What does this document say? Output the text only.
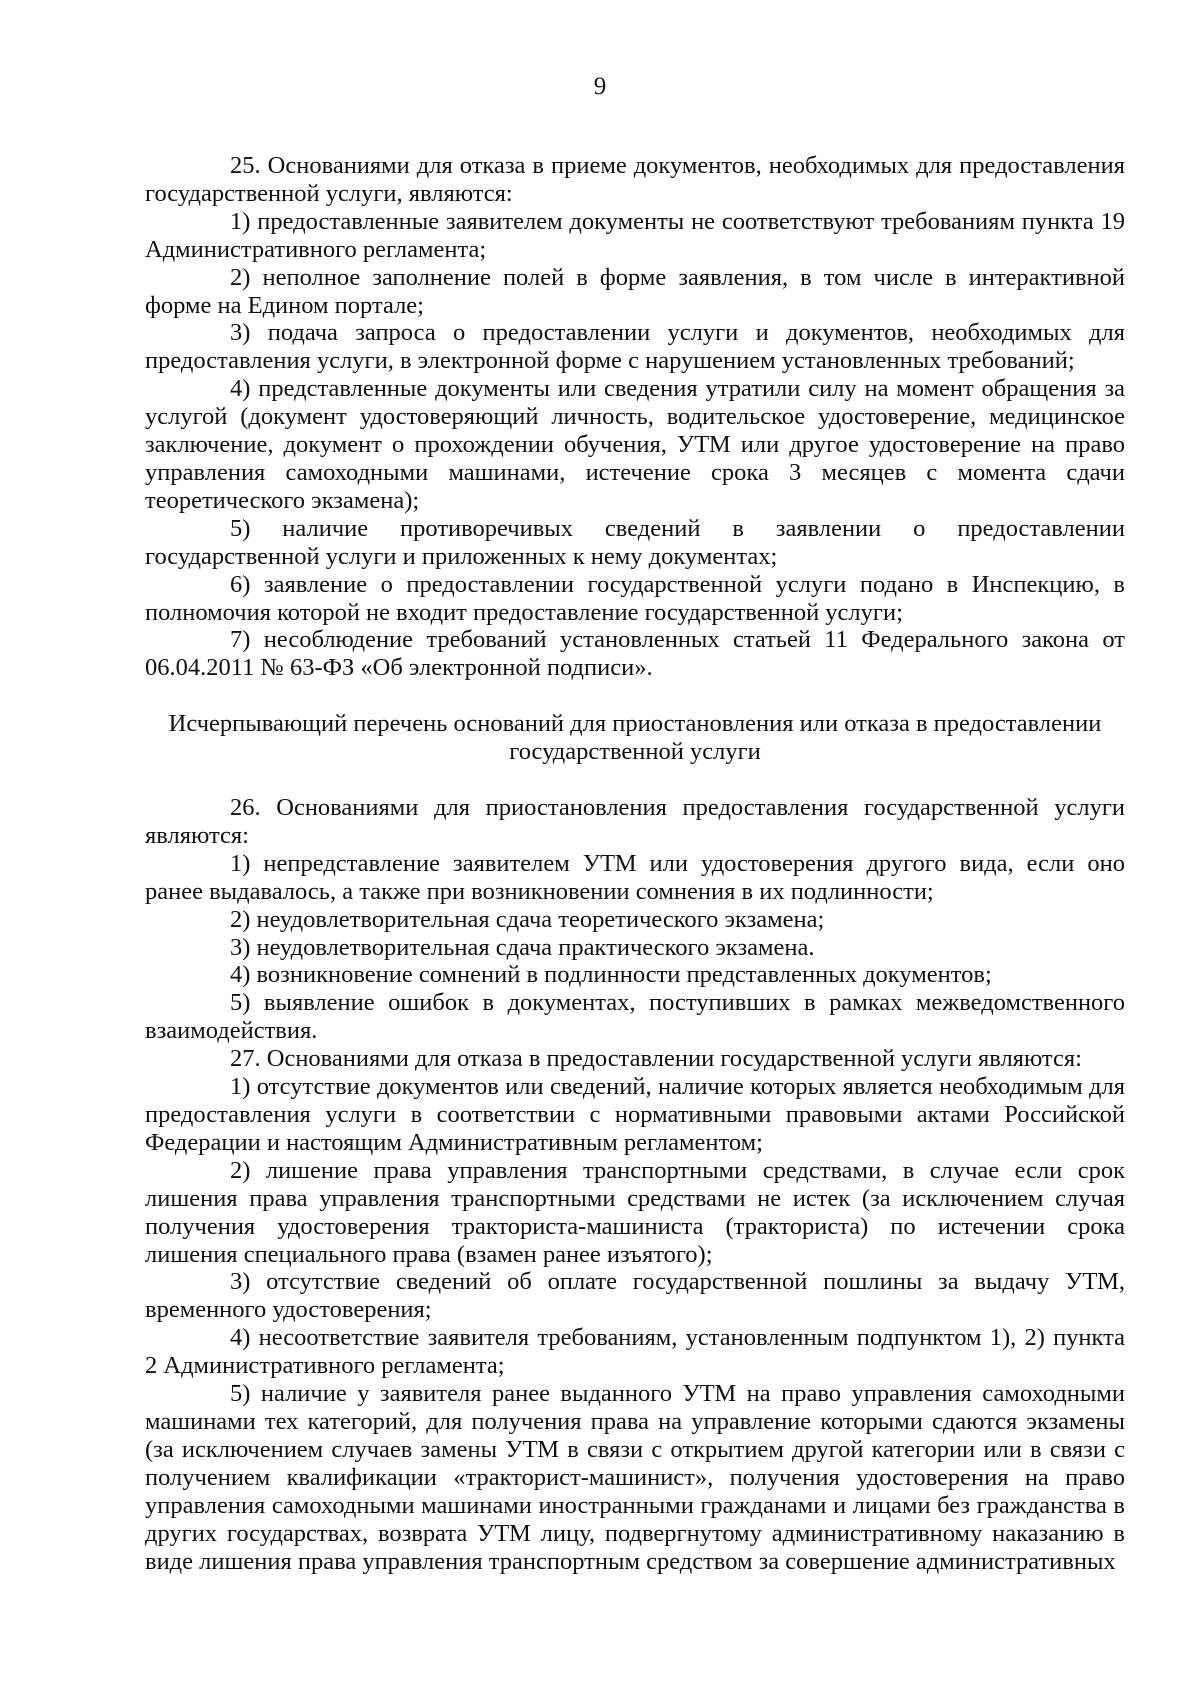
9

25. Основаниями для отказа в приеме документов, необходимых для предоставления государственной услуги, являются:

1) предоставленные заявителем документы не соответствуют требованиям пункта 19 Административного регламента;

2) неполное заполнение полей в форме заявления, в том числе в интерактивной форме на Едином портале;

3) подача запроса о предоставлении услуги и документов, необходимых для предоставления услуги, в электронной форме с нарушением установленных требований;

4) представленные документы или сведения утратили силу на момент обращения за услугой (документ удостоверяющий личность, водительское удостоверение, медицинское заключение, документ о прохождении обучения, УТМ или другое удостоверение на право управления самоходными машинами, истечение срока 3 месяцев с момента сдачи теоретического экзамена);

5) наличие противоречивых сведений в заявлении о предоставлении государственной услуги и приложенных к нему документах;

6) заявление о предоставлении государственной услуги подано в Инспекцию, в полномочия которой не входит предоставление государственной услуги;

7) несоблюдение требований установленных статьей 11 Федерального закона от 06.04.2011 № 63-ФЗ «Об электронной подписи».

Исчерпывающий перечень оснований для приостановления или отказа в предоставлении
государственной услуги

26. Основаниями для приостановления предоставления государственной услуги являются:

1) непредставление заявителем УТМ или удостоверения другого вида, если оно ранее выдавалось, а также при возникновении сомнения в их подлинности;

2) неудовлетворительная сдача теоретического экзамена;

3) неудовлетворительная сдача практического экзамена.

4) возникновение сомнений в подлинности представленных документов;

5) выявление ошибок в документах, поступивших в рамках межведомственного взаимодействия.

27. Основаниями для отказа в предоставлении государственной услуги являются:

1) отсутствие документов или сведений, наличие которых является необходимым для предоставления услуги в соответствии с нормативными правовыми актами Российской Федерации и настоящим Административным регламентом;

2) лишение права управления транспортными средствами, в случае если срок лишения права управления транспортными средствами не истек (за исключением случая получения удостоверения тракториста-машиниста (тракториста) по истечении срока лишения специального права (взамен ранее изъятого);

3) отсутствие сведений об оплате государственной пошлины за выдачу УТМ, временного удостоверения;

4) несоответствие заявителя требованиям, установленным подпунктом 1), 2) пункта 2 Административного регламента;

5) наличие у заявителя ранее выданного УТМ на право управления самоходными машинами тех категорий, для получения права на управление которыми сдаются экзамены (за исключением случаев замены УТМ в связи с открытием другой категории или в связи с получением квалификации «тракторист-машинист», получения удостоверения на право управления самоходными машинами иностранными гражданами и лицами без гражданства в других государствах, возврата УТМ лицу, подвергнутому административному наказанию в виде лишения права управления транспортным средством за совершение административных
